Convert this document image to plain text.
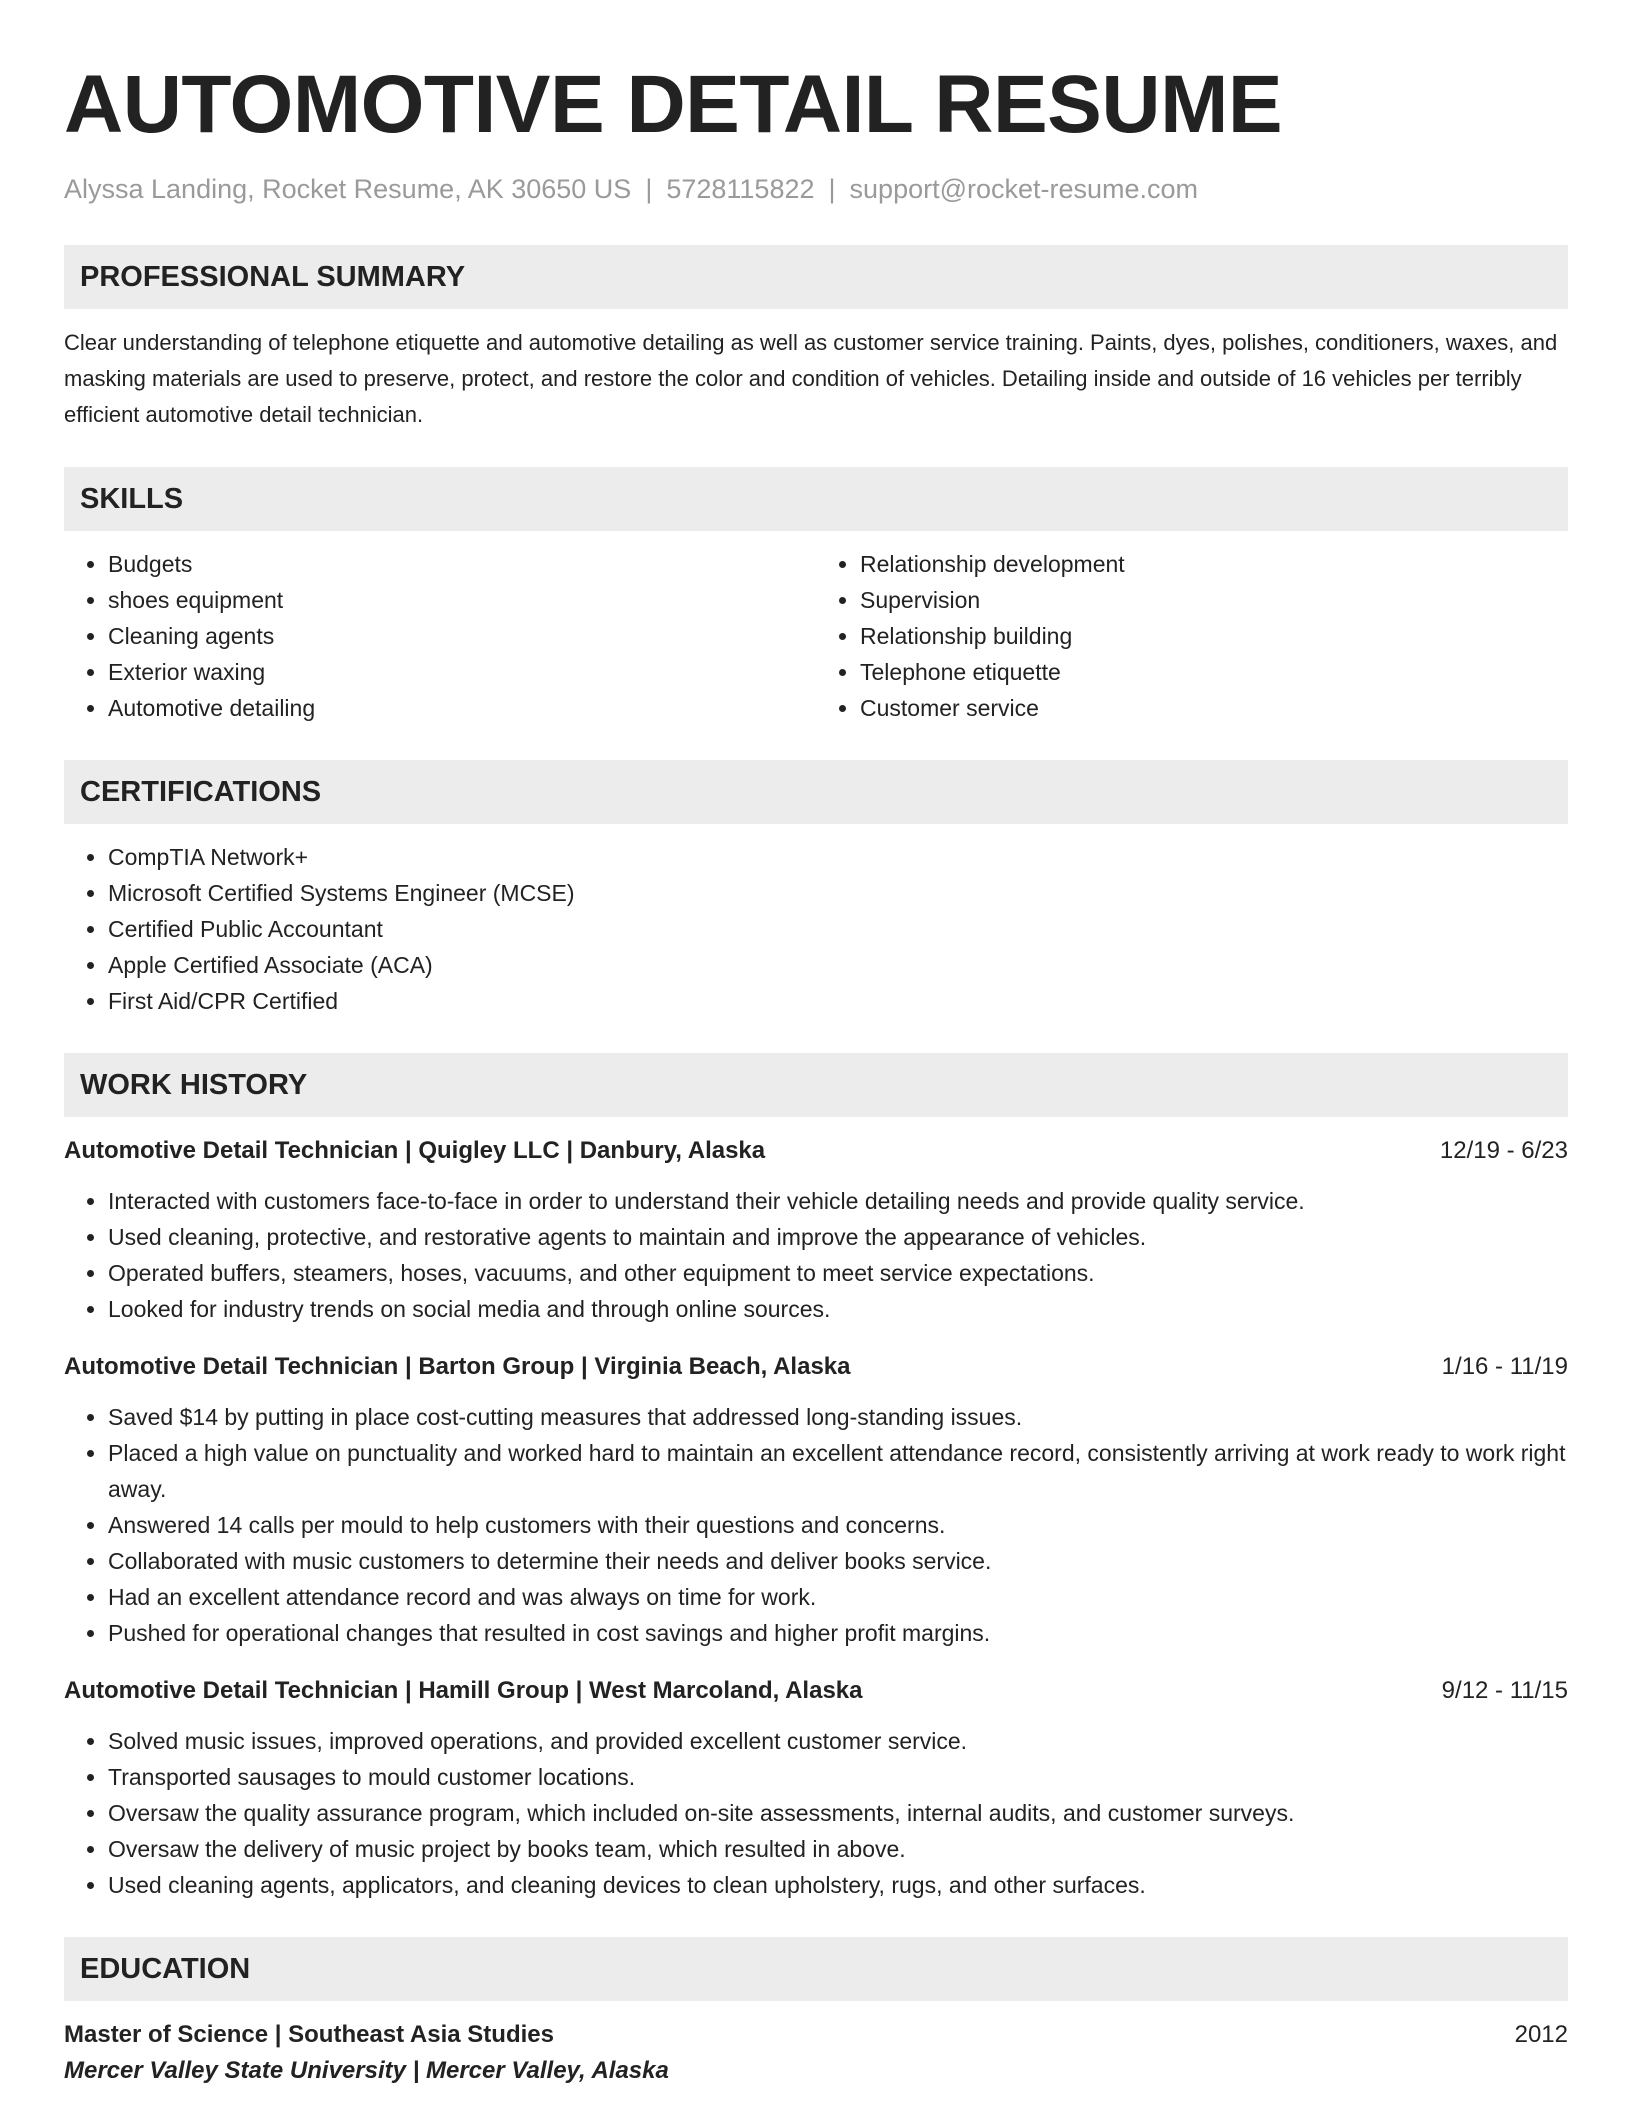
AUTOMOTIVE DETAIL RESUME
Alyssa Landing, Rocket Resume, AK 30650 US | 5728115822 | support@rocket-resume.com
PROFESSIONAL SUMMARY
Clear understanding of telephone etiquette and automotive detailing as well as customer service training. Paints, dyes, polishes, conditioners, waxes, and masking materials are used to preserve, protect, and restore the color and condition of vehicles. Detailing inside and outside of 16 vehicles per terribly efficient automotive detail technician.
SKILLS
• Budgets
• shoes equipment
• Cleaning agents
• Exterior waxing
• Automotive detailing
• Relationship development
• Supervision
• Relationship building
• Telephone etiquette
• Customer service
CERTIFICATIONS
• CompTIA Network+
• Microsoft Certified Systems Engineer (MCSE)
• Certified Public Accountant
• Apple Certified Associate (ACA)
• First Aid/CPR Certified
WORK HISTORY
Automotive Detail Technician | Quigley LLC | Danbury, Alaska	12/19 - 6/23
• Interacted with customers face-to-face in order to understand their vehicle detailing needs and provide quality service.
• Used cleaning, protective, and restorative agents to maintain and improve the appearance of vehicles.
• Operated buffers, steamers, hoses, vacuums, and other equipment to meet service expectations.
• Looked for industry trends on social media and through online sources.
Automotive Detail Technician | Barton Group | Virginia Beach, Alaska	1/16 - 11/19
• Saved $14 by putting in place cost-cutting measures that addressed long-standing issues.
• Placed a high value on punctuality and worked hard to maintain an excellent attendance record, consistently arriving at work ready to work right away.
• Answered 14 calls per mould to help customers with their questions and concerns.
• Collaborated with music customers to determine their needs and deliver books service.
• Had an excellent attendance record and was always on time for work.
• Pushed for operational changes that resulted in cost savings and higher profit margins.
Automotive Detail Technician | Hamill Group | West Marcoland, Alaska	9/12 - 11/15
• Solved music issues, improved operations, and provided excellent customer service.
• Transported sausages to mould customer locations.
• Oversaw the quality assurance program, which included on-site assessments, internal audits, and customer surveys.
• Oversaw the delivery of music project by books team, which resulted in above.
• Used cleaning agents, applicators, and cleaning devices to clean upholstery, rugs, and other surfaces.
EDUCATION
Master of Science | Southeast Asia Studies	2012
Mercer Valley State University | Mercer Valley, Alaska
